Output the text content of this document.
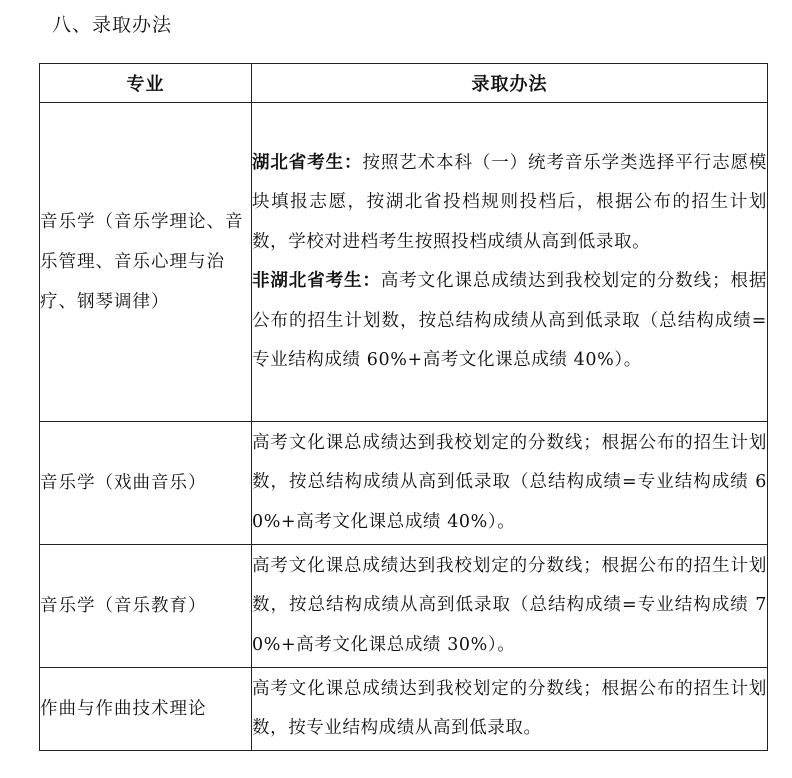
八、录取办法
专业	录取办法
音乐学（音乐学理论、音乐管理、音乐心理与治疗、钢琴调律）	湖北省考生：按照艺术本科（一）统考音乐学类选择平行志愿模块填报志愿，按湖北省投档规则投档后，根据公布的招生计划数，学校对进档考生按照投档成绩从高到低录取。
非湖北省考生：高考文化课总成绩达到我校划定的分数线；根据公布的招生计划数，按总结构成绩从高到低录取（总结构成绩=专业结构成绩 60%+高考文化课总成绩 40%）。
音乐学（戏曲音乐）	高考文化课总成绩达到我校划定的分数线；根据公布的招生计划数，按总结构成绩从高到低录取（总结构成绩=专业结构成绩 60%+高考文化课总成绩 40%）。
音乐学（音乐教育）	高考文化课总成绩达到我校划定的分数线；根据公布的招生计划数，按总结构成绩从高到低录取（总结构成绩=专业结构成绩 70%+高考文化课总成绩 30%）。
作曲与作曲技术理论	高考文化课总成绩达到我校划定的分数线；根据公布的招生计划数，按专业结构成绩从高到低录取。
